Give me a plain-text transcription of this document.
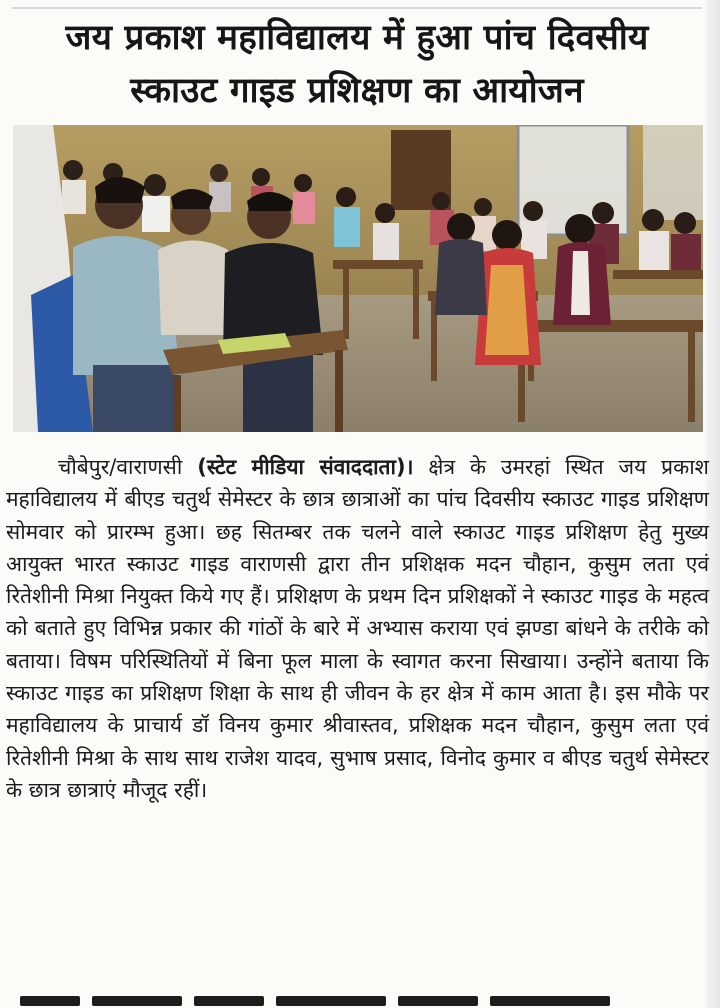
जय प्रकाश महाविद्यालय में हुआ पांच दिवसीय
स्काउट गाइड प्रशिक्षण का आयोजन

चौबेपुर/वाराणसी (स्टेट मीडिया संवाददाता)। क्षेत्र के उमरहां स्थित जय प्रकाश महाविद्यालय में बीएड चतुर्थ सेमेस्टर के छात्र छात्राओं का पांच दिवसीय स्काउट गाइड प्रशिक्षण सोमवार को प्रारम्भ हुआ। छह सितम्बर तक चलने वाले स्काउट गाइड प्रशिक्षण हेतु मुख्य आयुक्त भारत स्काउट गाइड वाराणसी द्वारा तीन प्रशिक्षक मदन चौहान, कुसुम लता एवं रितेशीनी मिश्रा नियुक्त किये गए हैं। प्रशिक्षण के प्रथम दिन प्रशिक्षकों ने स्काउट गाइड के महत्व को बताते हुए विभिन्न प्रकार की गांठों के बारे में अभ्यास कराया एवं झण्डा बांधने के तरीके को बताया। विषम परिस्थितियों में बिना फूल माला के स्वागत करना सिखाया। उन्होंने बताया कि स्काउट गाइड का प्रशिक्षण शिक्षा के साथ ही जीवन के हर क्षेत्र में काम आता है। इस मौके पर महाविद्यालय के प्राचार्य डॉ विनय कुमार श्रीवास्तव, प्रशिक्षक मदन चौहान, कुसुम लता एवं रितेशीनी मिश्रा के साथ साथ राजेश यादव, सुभाष प्रसाद, विनोद कुमार व बीएड चतुर्थ सेमेस्टर के छात्र छात्राएं मौजूद रहीं।
